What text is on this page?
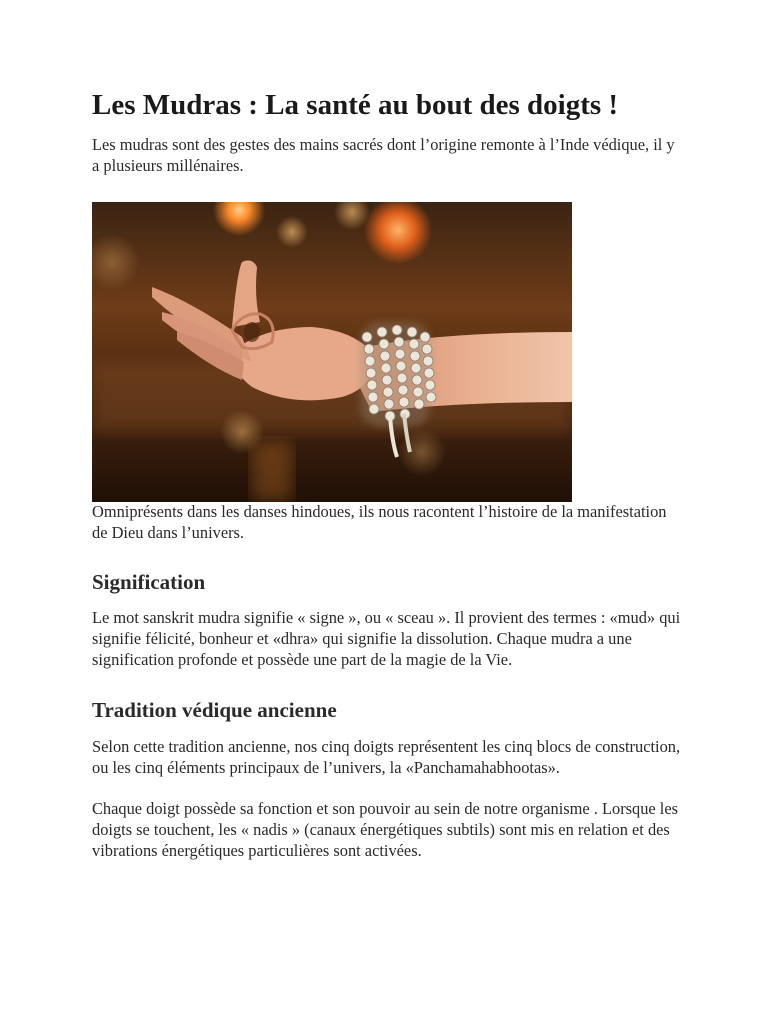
Les Mudras : La santé au bout des doigts !

Les mudras sont des gestes des mains sacrés dont l’origine remonte à l’Inde védique, il y a plusieurs millénaires.

Omniprésents dans les danses hindoues, ils nous racontent l’histoire de la manifestation de Dieu dans l’univers.

Signification

Le mot sanskrit mudra signifie « signe », ou « sceau ». Il provient des termes : «mud» qui signifie félicité, bonheur et «dhra» qui signifie la dissolution. Chaque mudra a une signification profonde et possède une part de la magie de la Vie.

Tradition védique ancienne

Selon cette tradition ancienne, nos cinq doigts représentent les cinq blocs de construction, ou les cinq éléments principaux de l’univers, la «Panchamahabhootas».

Chaque doigt possède sa fonction et son pouvoir au sein de notre organisme . Lorsque les doigts se touchent, les « nadis » (canaux énergétiques subtils) sont mis en relation et des vibrations énergétiques particulières sont activées.
